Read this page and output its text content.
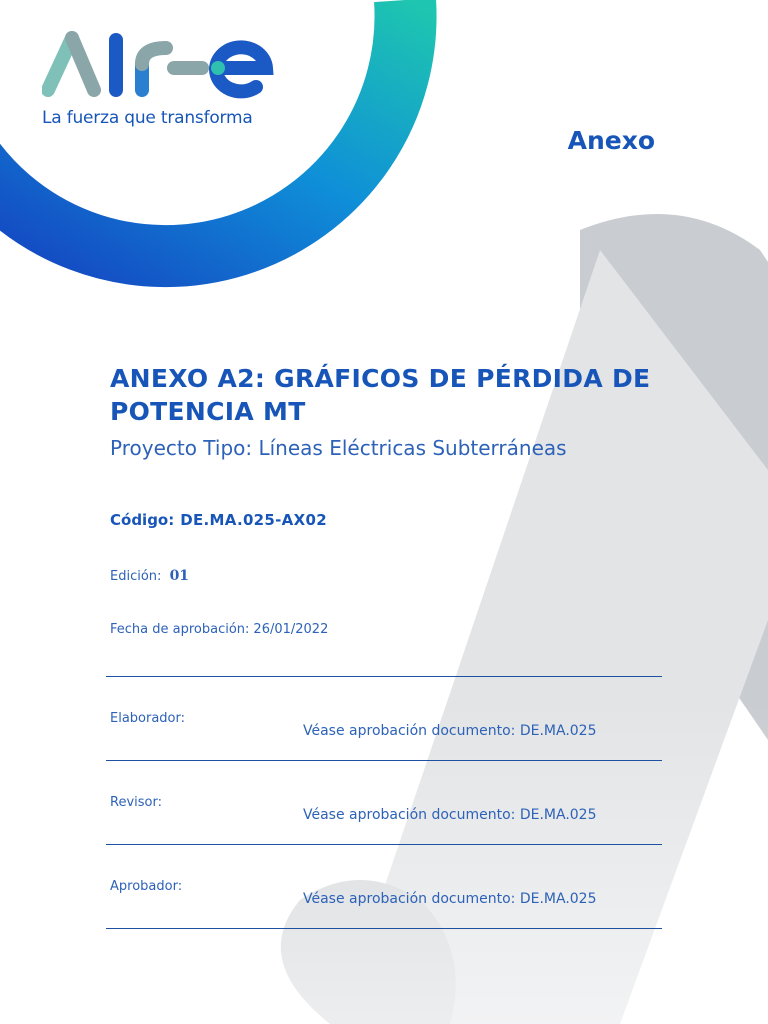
La fuerza que transforma
Anexo
ANEXO A2: GRÁFICOS DE PÉRDIDA DE POTENCIA MT
Proyecto Tipo: Líneas Eléctricas Subterráneas
Código: DE.MA.025-AX02
Edición: 01
Fecha de aprobación: 26/01/2022
Elaborador:
Véase aprobación documento: DE.MA.025
Revisor:
Véase aprobación documento: DE.MA.025
Aprobador:
Véase aprobación documento: DE.MA.025
